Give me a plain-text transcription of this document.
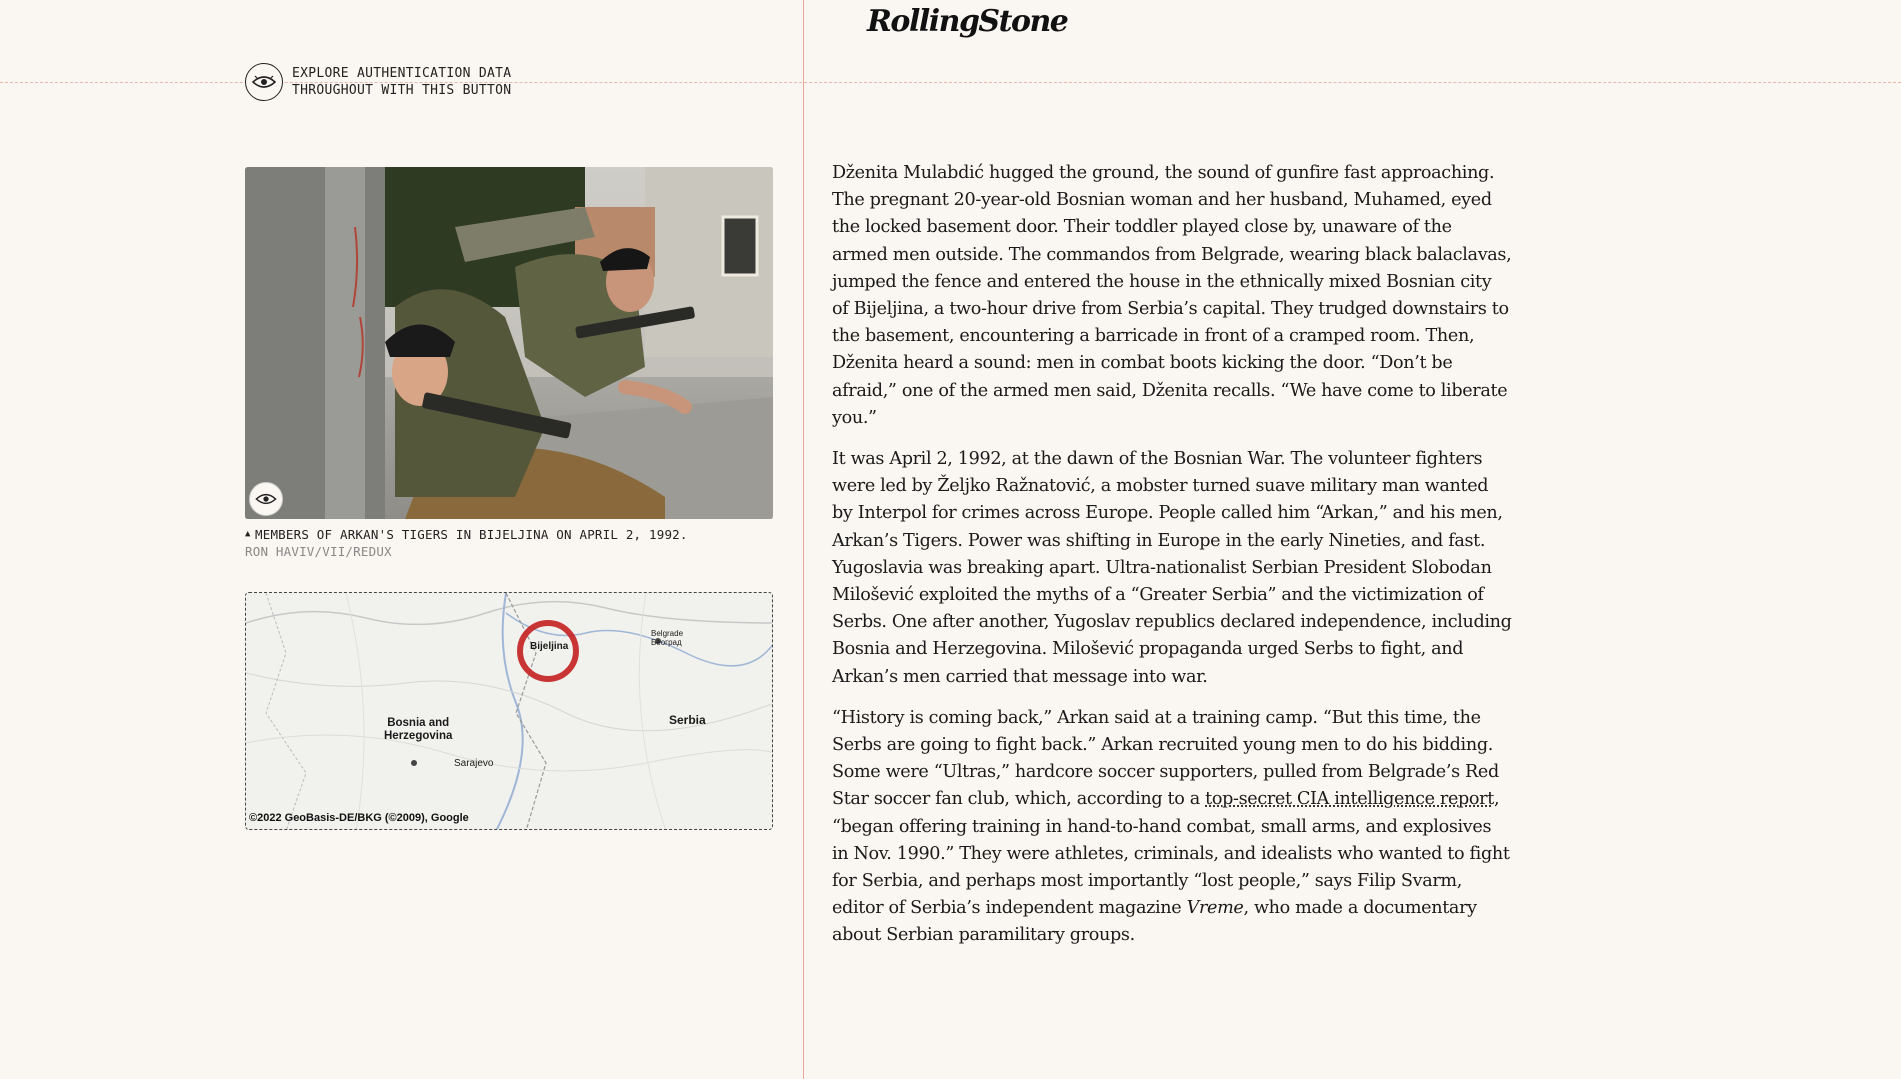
RollingStone
EXPLORE AUTHENTICATION DATA
THROUGHOUT WITH THIS BUTTON
▲ MEMBERS OF ARKAN'S TIGERS IN BIJELJINA ON APRIL 2, 1992. RON HAVIV/VII/REDUX
Bijeljina
Bosnia and
Herzegovina
Serbia
Sarajevo
Belgrade
Београд
©2022 GeoBasis-DE/BKG (©2009), Google

Dženita Mulabdić hugged the ground, the sound of gunfire fast approaching. The pregnant 20-year-old Bosnian woman and her husband, Muhamed, eyed the locked basement door. Their toddler played close by, unaware of the armed men outside. The commandos from Belgrade, wearing black balaclavas, jumped the fence and entered the house in the ethnically mixed Bosnian city of Bijeljina, a two-hour drive from Serbia’s capital. They trudged downstairs to the basement, encountering a barricade in front of a cramped room. Then, Dženita heard a sound: men in combat boots kicking the door. “Don’t be afraid,” one of the armed men said, Dženita recalls. “We have come to liberate you.”

It was April 2, 1992, at the dawn of the Bosnian War. The volunteer fighters were led by Željko Ražnatović, a mobster turned suave military man wanted by Interpol for crimes across Europe. People called him “Arkan,” and his men, Arkan’s Tigers. Power was shifting in Europe in the early Nineties, and fast. Yugoslavia was breaking apart. Ultra-nationalist Serbian President Slobodan Milošević exploited the myths of a “Greater Serbia” and the victimization of Serbs. One after another, Yugoslav republics declared independence, including Bosnia and Herzegovina. Milošević propaganda urged Serbs to fight, and Arkan’s men carried that message into war.

“History is coming back,” Arkan said at a training camp. “But this time, the Serbs are going to fight back.” Arkan recruited young men to do his bidding. Some were “Ultras,” hardcore soccer supporters, pulled from Belgrade’s Red Star soccer fan club, which, according to a top-secret CIA intelligence report, “began offering training in hand-to-hand combat, small arms, and explosives in Nov. 1990.” They were athletes, criminals, and idealists who wanted to fight for Serbia, and perhaps most importantly “lost people,” says Filip Svarm, editor of Serbia’s independent magazine Vreme, who made a documentary about Serbian paramilitary groups.
